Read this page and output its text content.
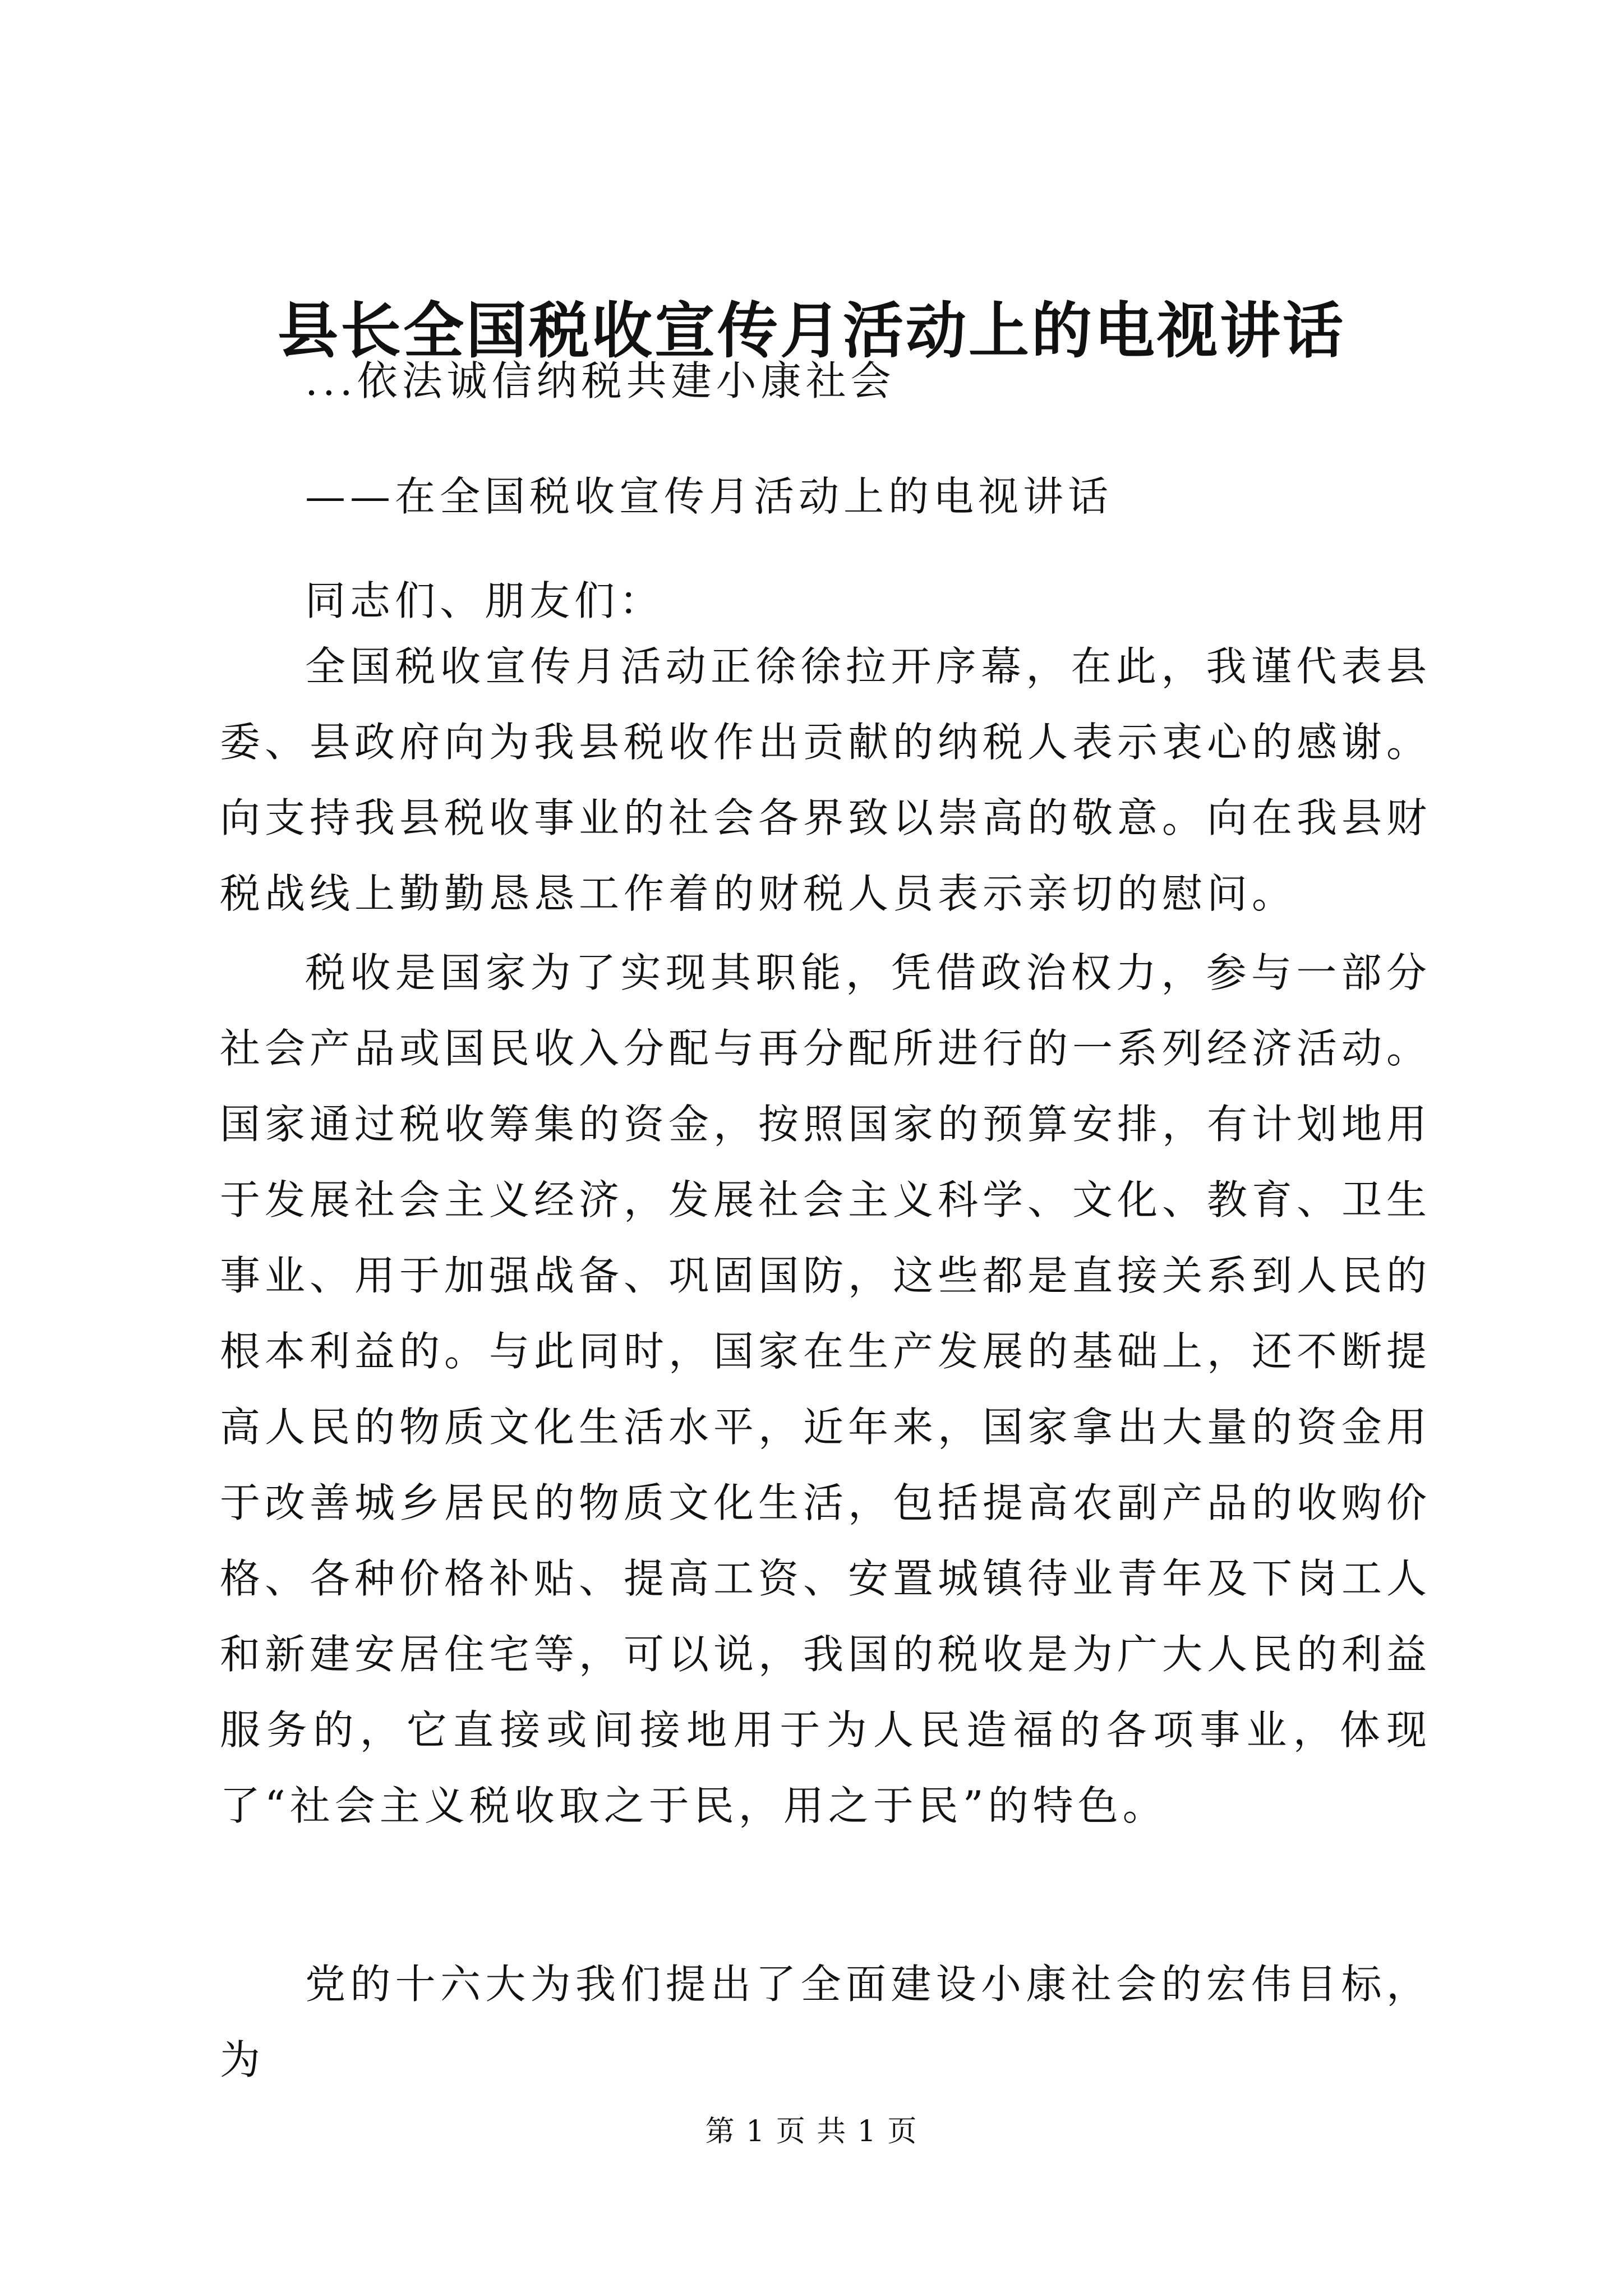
县长全国税收宣传月活动上的电视讲话
...依法诚信纳税共建小康社会
——在全国税收宣传月活动上的电视讲话
同志们、朋友们：
全国税收宣传月活动正徐徐拉开序幕，在此，我谨代表县委、县政府向为我县税收作出贡献的纳税人表示衷心的感谢。向支持我县税收事业的社会各界致以崇高的敬意。向在我县财税战线上勤勤恳恳工作着的财税人员表示亲切的慰问。
税收是国家为了实现其职能，凭借政治权力，参与一部分社会产品或国民收入分配与再分配所进行的一系列经济活动。国家通过税收筹集的资金，按照国家的预算安排，有计划地用于发展社会主义经济，发展社会主义科学、文化、教育、卫生事业、用于加强战备、巩固国防，这些都是直接关系到人民的根本利益的。与此同时，国家在生产发展的基础上，还不断提高人民的物质文化生活水平，近年来，国家拿出大量的资金用于改善城乡居民的物质文化生活，包括提高农副产品的收购价格、各种价格补贴、提高工资、安置城镇待业青年及下岗工人和新建安居住宅等，可以说，我国的税收是为广大人民的利益服务的，它直接或间接地用于为人民造福的各项事业，体现了“社会主义税收取之于民，用之于民”的特色。
党的十六大为我们提出了全面建设小康社会的宏伟目标，为
第 1 页 共 1 页
